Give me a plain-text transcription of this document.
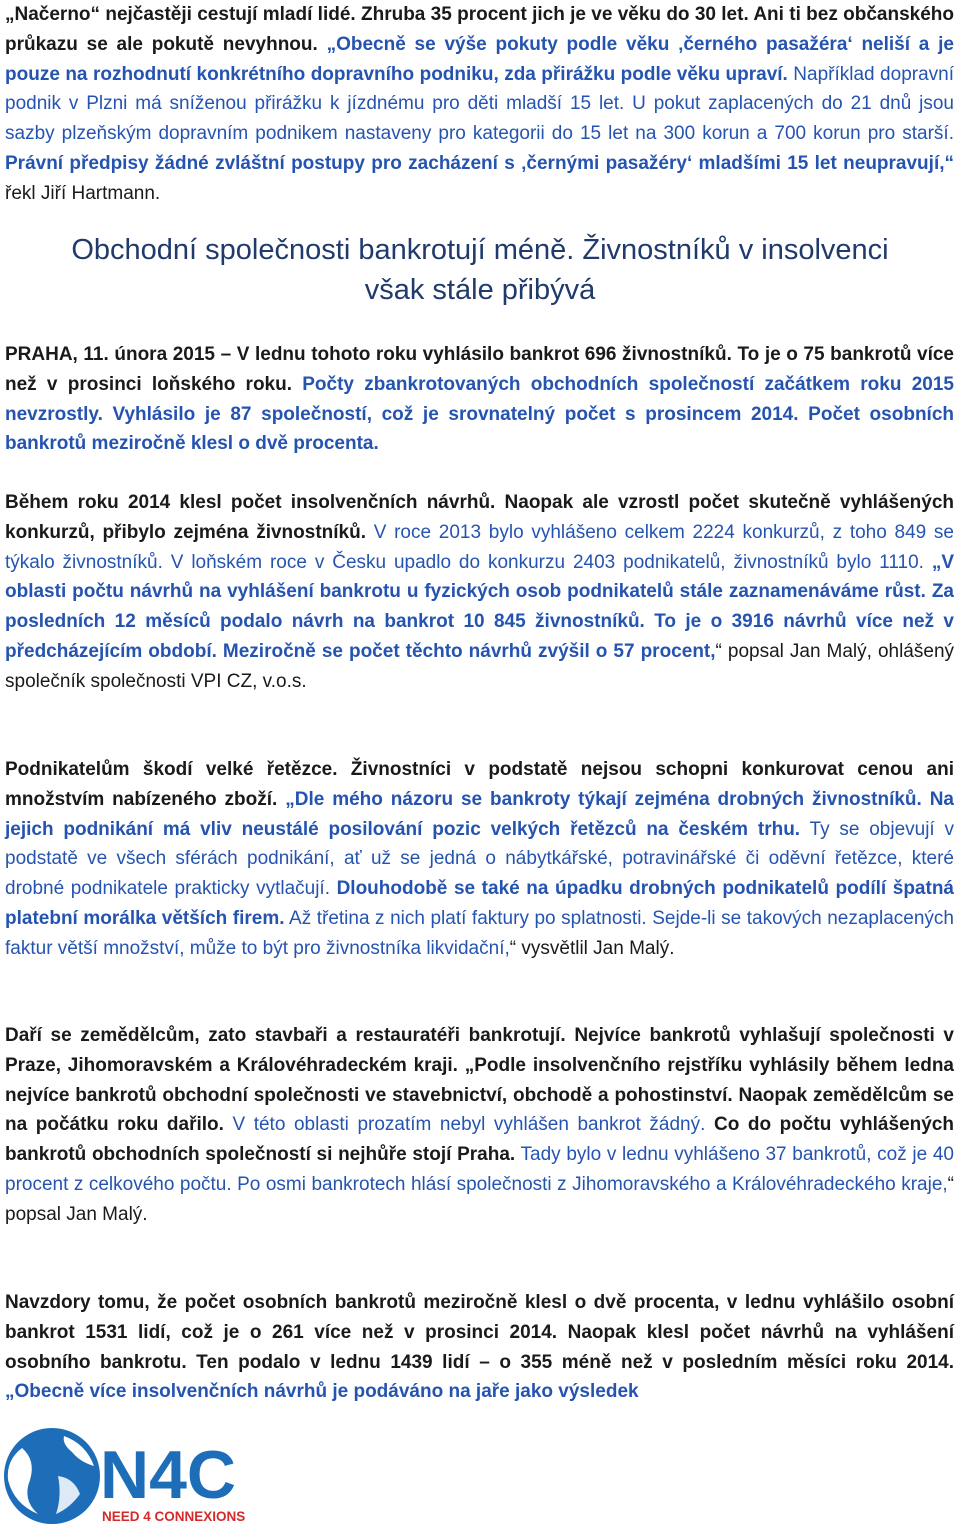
„Načerno“ nejčastěji cestují mladí lidé. Zhruba 35 procent jich je ve věku do 30 let. Ani ti bez občanského průkazu se ale pokutě nevyhnou. „Obecně se výše pokuty podle věku ‚černého pasažéra‘ neliší a je pouze na rozhodnutí konkrétního dopravního podniku, zda přirážku podle věku upraví. Například dopravní podnik v Plzni má sníženou přirážku k jízdnému pro děti mladší 15 let. U pokut zaplacených do 21 dnů jsou sazby plzeňským dopravním podnikem nastaveny pro kategorii do 15 let na 300 korun a 700 korun pro starší. Právní předpisy žádné zvláštní postupy pro zacházení s ‚černými pasažéry‘ mladšími 15 let neupravují,“ řekl Jiří Hartmann.

Obchodní společnosti bankrotují méně. Živnostníků v insolvenci
však stále přibývá

PRAHA, 11. února 2015 – V lednu tohoto roku vyhlásilo bankrot 696 živnostníků. To je o 75 bankrotů více než v prosinci loňského roku. Počty zbankrotovaných obchodních společností začátkem roku 2015 nevzrostly. Vyhlásilo je 87 společností, což je srovnatelný počet s prosincem 2014. Počet osobních bankrotů meziročně klesl o dvě procenta.

Během roku 2014 klesl počet insolvenčních návrhů. Naopak ale vzrostl počet skutečně vyhlášených konkurzů, přibylo zejména živnostníků. V roce 2013 bylo vyhlášeno celkem 2224 konkurzů, z toho 849 se týkalo živnostníků. V loňském roce v Česku upadlo do konkurzu 2403 podnikatelů, živnostníků bylo 1110. „V oblasti počtu návrhů na vyhlášení bankrotu u fyzických osob podnikatelů stále zaznamenáváme růst. Za posledních 12 měsíců podalo návrh na bankrot 10 845 živnostníků. To je o 3916 návrhů více než v předcházejícím období. Meziročně se počet těchto návrhů zvýšil o 57 procent,“ popsal Jan Malý, ohlášený společník společnosti VPI CZ, v.o.s.

Podnikatelům škodí velké řetězce. Živnostníci v podstatě nejsou schopni konkurovat cenou ani množstvím nabízeného zboží. „Dle mého názoru se bankroty týkají zejména drobných živnostníků. Na jejich podnikání má vliv neustálé posilování pozic velkých řetězců na českém trhu. Ty se objevují v podstatě ve všech sférách podnikání, ať už se jedná o nábytkářské, potravinářské či oděvní řetězce, které drobné podnikatele prakticky vytlačují. Dlouhodobě se také na úpadku drobných podnikatelů podílí špatná platební morálka větších firem. Až třetina z nich platí faktury po splatnosti. Sejde-li se takových nezaplacených faktur větší množství, může to být pro živnostníka likvidační,“ vysvětlil Jan Malý.

Daří se zemědělcům, zato stavbaři a restauratéři bankrotují. Nejvíce bankrotů vyhlašují společnosti v Praze, Jihomoravském a Královéhradeckém kraji. „Podle insolvenčního rejstříku vyhlásily během ledna nejvíce bankrotů obchodní společnosti ve stavebnictví, obchodě a pohostinství. Naopak zemědělcům se na počátku roku dařilo. V této oblasti prozatím nebyl vyhlášen bankrot žádný. Co do počtu vyhlášených bankrotů obchodních společností si nejhůře stojí Praha. Tady bylo v lednu vyhlášeno 37 bankrotů, což je 40 procent z celkového počtu. Po osmi bankrotech hlásí společnosti z Jihomoravského a Královéhradeckého kraje,“ popsal Jan Malý.

Navzdory tomu, že počet osobních bankrotů meziročně klesl o dvě procenta, v lednu vyhlášilo osobní bankrot 1531 lidí, což je o 261 více než v prosinci 2014. Naopak klesl počet návrhů na vyhlášení osobního bankrotu. Ten podalo v lednu 1439 lidí – o 355 méně než v posledním měsíci roku 2014. „Obecně více insolvenčních návrhů je podáváno na jaře jako výsledek

N4C
NEED 4 CONNEXIONS
